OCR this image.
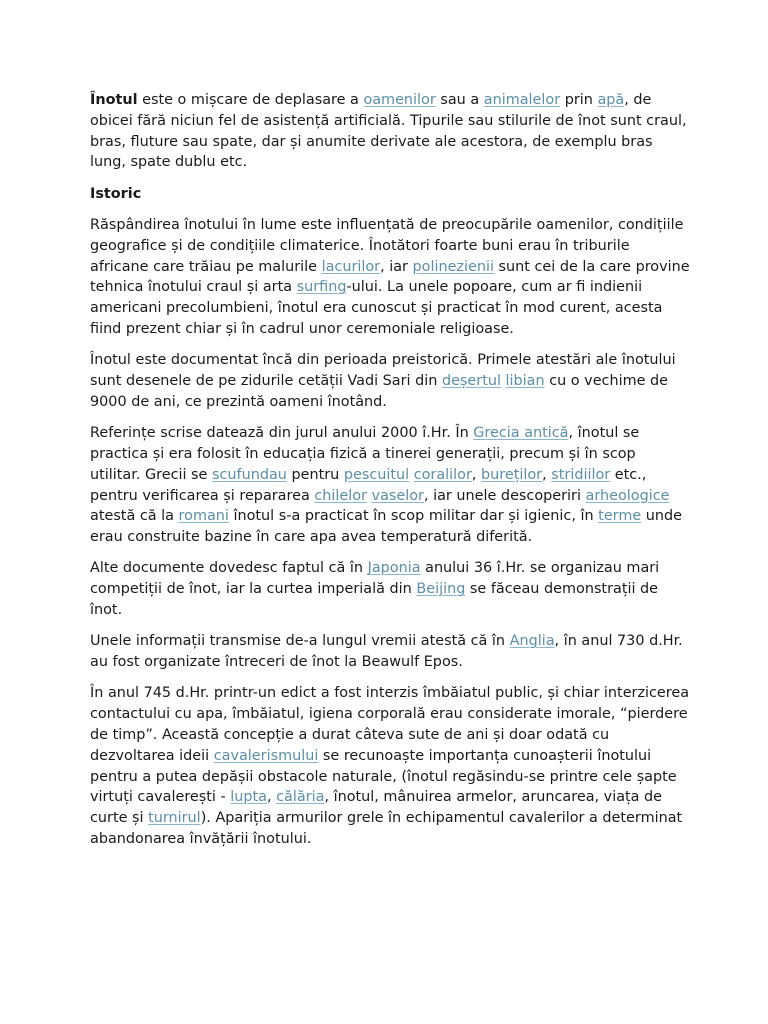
Înotul este o mișcare de deplasare a oamenilor sau a animalelor prin apă, de obicei fără niciun fel de asistență artificială. Tipurile sau stilurile de înot sunt craul, bras, fluture sau spate, dar și anumite derivate ale acestora, de exemplu bras lung, spate dublu etc.

Istoric

Răspândirea înotului în lume este influențată de preocupările oamenilor, condițiile geografice și de condițiile climaterice. Înotători foarte buni erau în triburile africane care trăiau pe malurile lacurilor, iar polinezienii sunt cei de la care provine tehnica înotului craul și arta surfing-ului. La unele popoare, cum ar fi indienii americani precolumbieni, înotul era cunoscut și practicat în mod curent, acesta fiind prezent chiar și în cadrul unor ceremoniale religioase.

Înotul este documentat încă din perioada preistorică. Primele atestări ale înotului sunt desenele de pe zidurile cetății Vadi Sari din deșertul libian cu o vechime de 9000 de ani, ce prezintă oameni înotând.

Referințe scrise datează din jurul anului 2000 î.Hr. În Grecia antică, înotul se practica și era folosit în educația fizică a tinerei generații, precum și în scop utilitar. Grecii se scufundau pentru pescuitul coralilor, bureților, stridiilor etc., pentru verificarea și repararea chilelor vaselor, iar unele descoperiri arheologice atestă că la romani înotul s-a practicat în scop militar dar și igienic, în terme unde erau construite bazine în care apa avea temperatură diferită.

Alte documente dovedesc faptul că în Japonia anului 36 î.Hr. se organizau mari competiții de înot, iar la curtea imperială din Beijing se făceau demonstrații de înot.

Unele informații transmise de-a lungul vremii atestă că în Anglia, în anul 730 d.Hr. au fost organizate întreceri de înot la Beawulf Epos.

În anul 745 d.Hr. printr-un edict a fost interzis îmbăiatul public, și chiar interzicerea contactului cu apa, îmbăiatul, igiena corporală erau considerate imorale, “pierdere de timp”. Această concepție a durat câteva sute de ani și doar odată cu dezvoltarea ideii cavalerismului se recunoaște importanța cunoașterii înotului pentru a putea depășii obstacole naturale, (înotul regăsindu-se printre cele șapte virtuți cavalerești - lupta, călăria, înotul, mânuirea armelor, aruncarea, viața de curte și turnirul). Apariția armurilor grele în echipamentul cavalerilor a determinat abandonarea învățării înotului.
